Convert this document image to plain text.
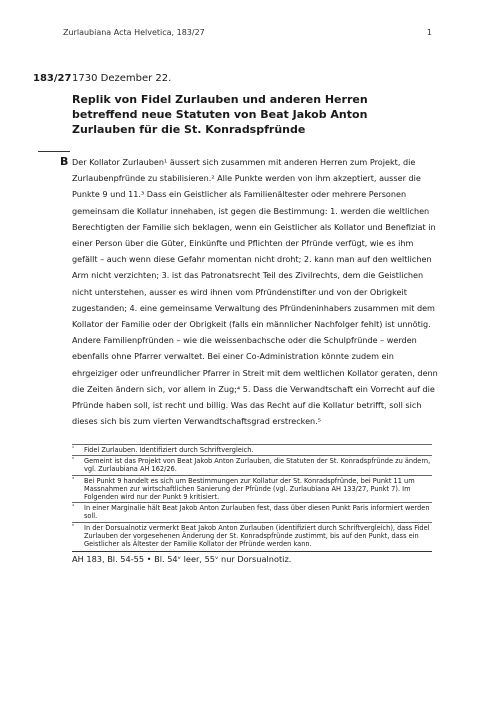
Zurlaubiana Acta Helvetica, 183/27	1
183/27 1730 Dezember 22.
Replik von Fidel Zurlauben und anderen Herren betreffend neue Statuten von Beat Jakob Anton Zurlauben für die St. Konradspfründe
B Der Kollator Zurlauben¹ äussert sich zusammen mit anderen Herren zum Projekt, die Zurlaubenpfründe zu stabilisieren.² Alle Punkte werden von ihm akzeptiert, ausser die Punkte 9 und 11.³ Dass ein Geistlicher als Familienältester oder mehrere Personen gemeinsam die Kollatur innehaben, ist gegen die Bestimmung: 1. werden die weltlichen Berechtigten der Familie sich beklagen, wenn ein Geistlicher als Kollator und Benefiziat in einer Person über die Güter, Einkünfte und Pflichten der Pfründe verfügt, wie es ihm gefällt – auch wenn diese Gefahr momentan nicht droht; 2. kann man auf den weltlichen Arm nicht verzichten; 3. ist das Patronatsrecht Teil des Zivilrechts, dem die Geistlichen nicht unterstehen, ausser es wird ihnen vom Pfründenstifter und von der Obrigkeit zugestanden; 4. eine gemeinsame Verwaltung des Pfründeninhabers zusammen mit dem Kollator der Familie oder der Obrigkeit (falls ein männlicher Nachfolger fehlt) ist unnötig. Andere Familienpfründen – wie die weissenbachsche oder die Schulpfründe – werden ebenfalls ohne Pfarrer verwaltet. Bei einer Co-Administration könnte zudem ein ehrgeiziger oder unfreundlicher Pfarrer in Streit mit dem weltlichen Kollator geraten, denn die Zeiten ändern sich, vor allem in Zug;⁴ 5. Dass die Verwandtschaft ein Vorrecht auf die Pfründe haben soll, ist recht und billig. Was das Recht auf die Kollatur betrifft, soll sich dieses sich bis zum vierten Verwandtschaftsgrad erstrecken.⁵

¹ Fidel Zurlauben. Identifiziert durch Schriftvergleich.
² Gemeint ist das Projekt von Beat Jakob Anton Zurlauben, die Statuten der St. Konradspfründe zu ändern, vgl. Zurlaubiana AH 162/26.
³ Bei Punkt 9 handelt es sich um Bestimmungen zur Kollatur der St. Konradspfründe, bei Punkt 11 um Massnahmen zur wirtschaftlichen Sanierung der Pfründe (vgl. Zurlaubiana AH 133/27, Punkt 7). Im Folgenden wird nur der Punkt 9 kritisiert.
⁴ In einer Marginalie hält Beat Jakob Anton Zurlauben fest, dass über diesen Punkt Paris informiert werden soll.
⁵ In der Dorsualnotiz vermerkt Beat Jakob Anton Zurlauben (identifiziert durch Schriftvergleich), dass Fidel Zurlauben der vorgesehenen Änderung der St. Konradspfründe zustimmt, bis auf den Punkt, dass ein Geistlicher als Ältester der Familie Kollator der Pfründe werden kann.
AH 183, Bl. 54-55 • Bl. 54ᵛ leer, 55ᵛ nur Dorsualnotiz.
